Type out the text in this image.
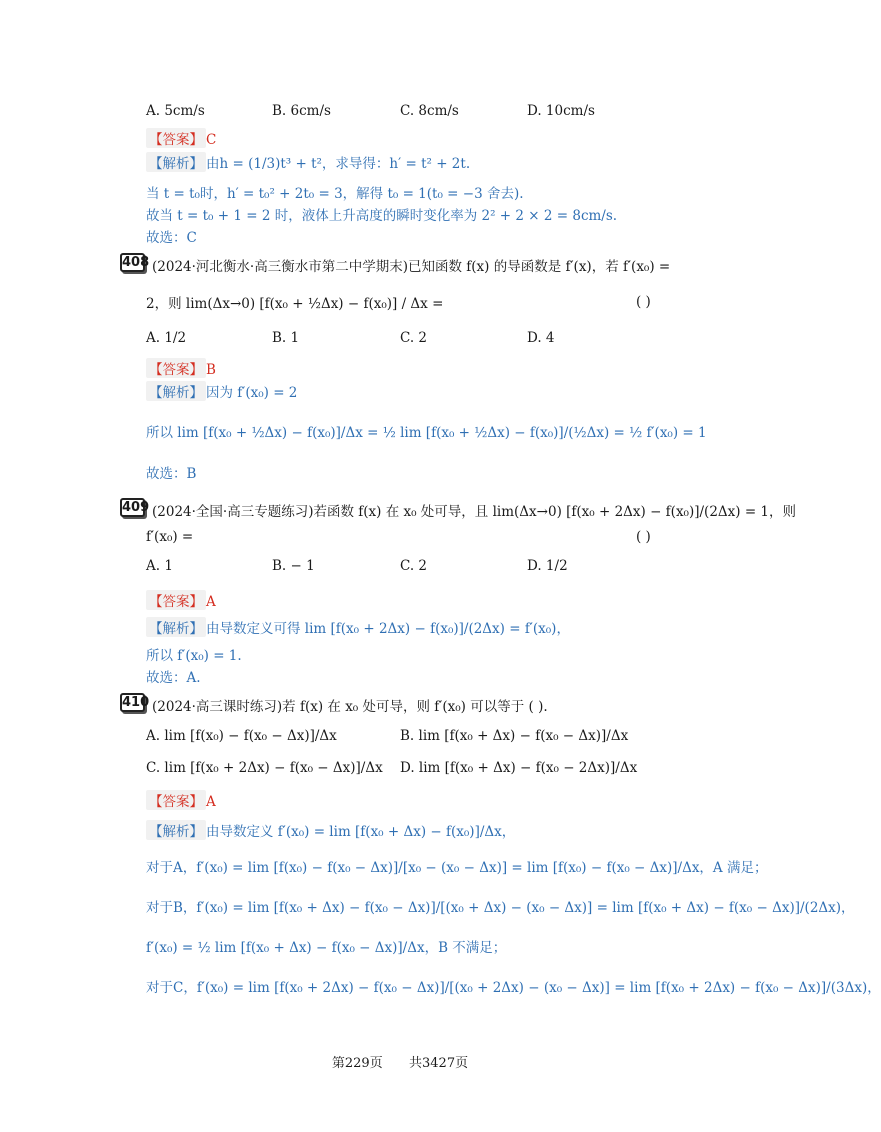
A. 5cm/s	B. 6cm/s	C. 8cm/s	D. 10cm/s
【答案】 C
【解析】 由h = (1/3)t³ + t²，求导得：h′ = t² + 2t.
当 t = t₀时，h′ = t₀² + 2t₀ = 3，解得 t₀ = 1(t₀ = −3 舍去).
故当 t = t₀ + 1 = 2 时，液体上升高度的瞬时变化率为 2² + 2 × 2 = 8cm/s.
故选：C
408 (2024·河北衡水·高三衡水市第二中学期末)已知函数 f(x) 的导函数是 f′(x)，若 f′(x₀) =
2，则 lim(Δx→0) [f(x₀ + ½Δx) − f(x₀)] / Δx =	( )
A. 1/2	B. 1	C. 2	D. 4
【答案】 B
【解析】 因为 f′(x₀) = 2
所以 lim [f(x₀ + ½Δx) − f(x₀)]/Δx = ½ lim [f(x₀ + ½Δx) − f(x₀)]/(½Δx) = ½ f′(x₀) = 1
故选：B
409 (2024·全国·高三专题练习)若函数 f(x) 在 x₀ 处可导，且 lim(Δx→0) [f(x₀ + 2Δx) − f(x₀)]/(2Δx) = 1，则
f′(x₀) =	( )
A. 1	B. − 1	C. 2	D. 1/2
【答案】 A
【解析】 由导数定义可得 lim [f(x₀ + 2Δx) − f(x₀)]/(2Δx) = f′(x₀)，
所以 f′(x₀) = 1.
故选：A.
410 (2024·高三课时练习)若 f(x) 在 x₀ 处可导，则 f′(x₀) 可以等于 ( ).
A. lim [f(x₀) − f(x₀ − Δx)]/Δx	B. lim [f(x₀ + Δx) − f(x₀ − Δx)]/Δx
C. lim [f(x₀ + 2Δx) − f(x₀ − Δx)]/Δx D. lim [f(x₀ + Δx) − f(x₀ − 2Δx)]/Δx
【答案】 A
【解析】 由导数定义 f′(x₀) = lim [f(x₀ + Δx) − f(x₀)]/Δx，
对于A，f′(x₀) = lim [f(x₀) − f(x₀ − Δx)]/[x₀ − (x₀ − Δx)] = lim [f(x₀) − f(x₀ − Δx)]/Δx，A 满足；
对于B，f′(x₀) = lim [f(x₀ + Δx) − f(x₀ − Δx)]/[(x₀ + Δx) − (x₀ − Δx)] = lim [f(x₀ + Δx) − f(x₀ − Δx)]/(2Δx)，
f′(x₀) = ½ lim [f(x₀ + Δx) − f(x₀ − Δx)]/Δx，B 不满足；
对于C，f′(x₀) = lim [f(x₀ + 2Δx) − f(x₀ − Δx)]/[(x₀ + 2Δx) − (x₀ − Δx)] = lim [f(x₀ + 2Δx) − f(x₀ − Δx)]/(3Δx)，
第229页 共3427页
